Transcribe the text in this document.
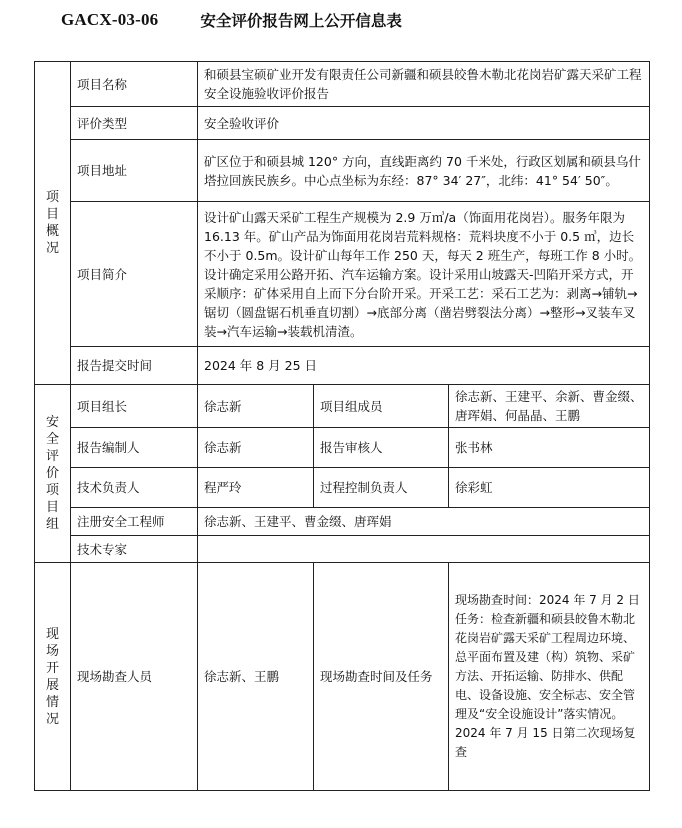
GACX-03-06	安全评价报告网上公开信息表
项目概况	项目名称	和硕县宝硕矿业开发有限责任公司新疆和硕县皎鲁木勒北花岗岩矿露天采矿工程安全设施验收评价报告		
	评价类型	安全验收评价		
	项目地址	矿区位于和硕县城 120° 方向，直线距离约 70 千米处，行政区划属和硕县乌什塔拉回族民族乡。中心点坐标为东经：87° 34′ 27″，北纬：41° 54′ 50″。		
	项目简介	设计矿山露天采矿工程生产规模为 2.9 万㎥/a（饰面用花岗岩）。服务年限为 16.13 年。矿山产品为饰面用花岗岩荒料规格：荒料块度不小于 0.5 ㎥，边长不小于 0.5m。设计矿山每年工作 250 天，每天 2 班生产，每班工作 8 小时。设计确定采用公路开拓、汽车运输方案。设计采用山坡露天-凹陷开采方式，开采顺序：矿体采用自上而下分台阶开采。开采工艺：采石工艺为：剥离→铺轨→锯切（圆盘锯石机垂直切割）→底部分离（凿岩劈裂法分离）→整形→叉装车叉装→汽车运输→装载机清渣。		
	报告提交时间	2024 年 8 月 25 日		
安全评价项目组	项目组长	徐志新	项目组成员	徐志新、王建平、余新、曹金缀、唐珲娟、何晶晶、王鹏
	报告编制人	徐志新	报告审核人	张书林
	技术负责人	程严玲	过程控制负责人	徐彩虹
	注册安全工程师	徐志新、王建平、曹金缀、唐珲娟		
	技术专家			
现场开展情况	现场勘查人员	徐志新、王鹏	现场勘查时间及任务	现场勘查时间：2024 年 7 月 2 日
任务：检查新疆和硕县皎鲁木勒北花岗岩矿露天采矿工程周边环境、总平面布置及建（构）筑物、采矿方法、开拓运输、防排水、供配电、设备设施、安全标志、安全管理及“安全设施设计”落实情况。
2024 年 7 月 15 日第二次现场复查
